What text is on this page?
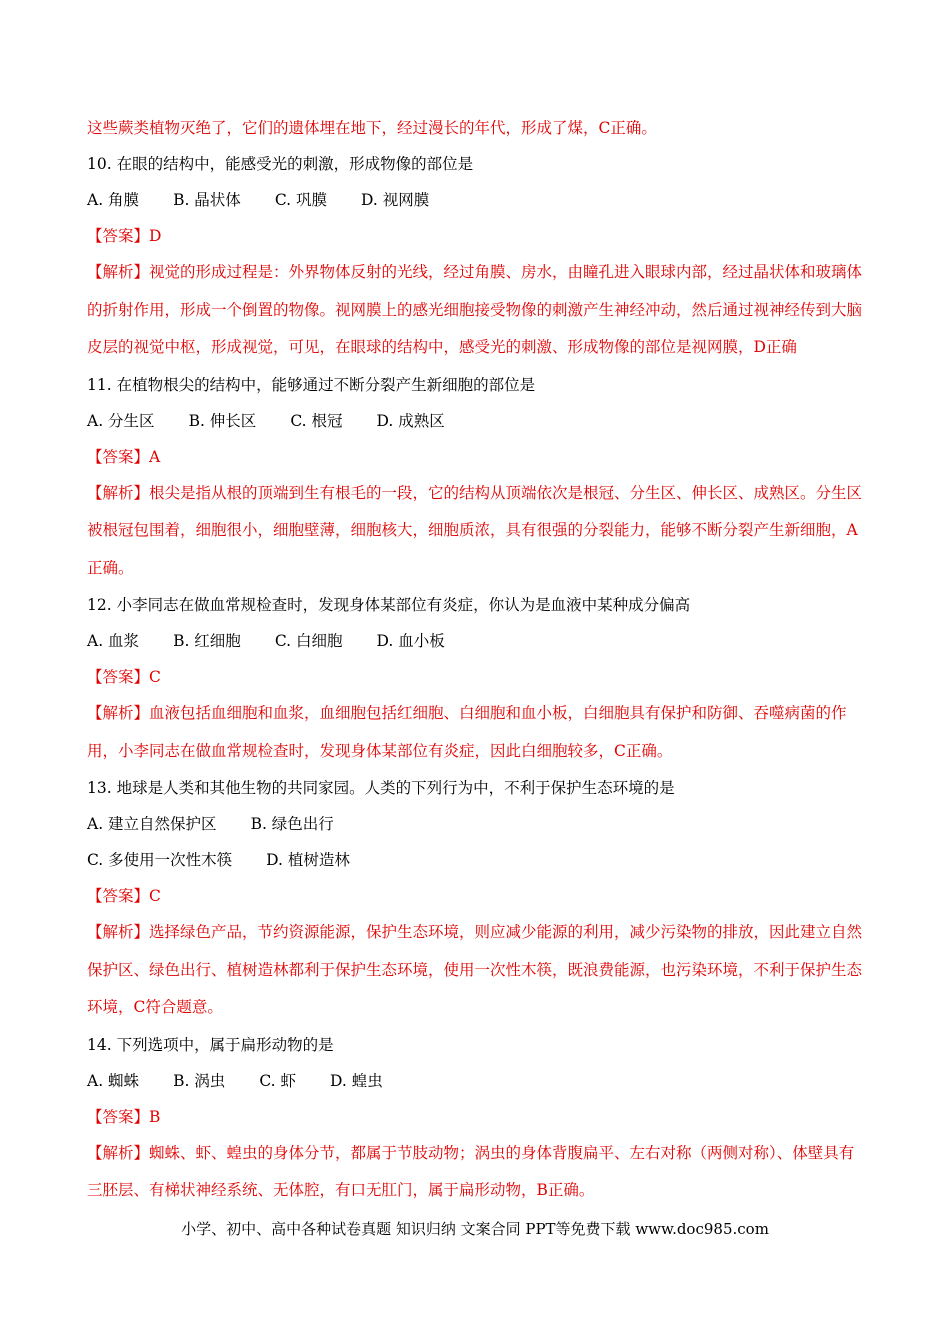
这些蕨类植物灭绝了，它们的遗体埋在地下，经过漫长的年代，形成了煤，C正确。
10. 在眼的结构中，能感受光的刺激，形成物像的部位是
A. 角膜 B. 晶状体 C. 巩膜 D. 视网膜
【答案】D
【解析】视觉的形成过程是：外界物体反射的光线，经过角膜、房水，由瞳孔进入眼球内部，经过晶状体和玻璃体的折射作用，形成一个倒置的物像。视网膜上的感光细胞接受物像的刺激产生神经冲动，然后通过视神经传到大脑皮层的视觉中枢，形成视觉，可见，在眼球的结构中，感受光的刺激、形成物像的部位是视网膜，D正确
11. 在植物根尖的结构中，能够通过不断分裂产生新细胞的部位是
A. 分生区 B. 伸长区 C. 根冠 D. 成熟区
【答案】A
【解析】根尖是指从根的顶端到生有根毛的一段，它的结构从顶端依次是根冠、分生区、伸长区、成熟区。分生区被根冠包围着，细胞很小，细胞壁薄，细胞核大，细胞质浓，具有很强的分裂能力，能够不断分裂产生新细胞，A正确。
12. 小李同志在做血常规检查时，发现身体某部位有炎症，你认为是血液中某种成分偏高
A. 血浆 B. 红细胞 C. 白细胞 D. 血小板
【答案】C
【解析】血液包括血细胞和血浆，血细胞包括红细胞、白细胞和血小板，白细胞具有保护和防御、吞噬病菌的作用，小李同志在做血常规检查时，发现身体某部位有炎症，因此白细胞较多，C正确。
13. 地球是人类和其他生物的共同家园。人类的下列行为中，不利于保护生态环境的是
A. 建立自然保护区 B. 绿色出行
C. 多使用一次性木筷 D. 植树造林
【答案】C
【解析】选择绿色产品，节约资源能源，保护生态环境，则应减少能源的利用，减少污染物的排放，因此建立自然保护区、绿色出行、植树造林都利于保护生态环境，使用一次性木筷，既浪费能源，也污染环境，不利于保护生态环境，C符合题意。
14. 下列选项中，属于扁形动物的是
A. 蜘蛛 B. 涡虫 C. 虾 D. 蝗虫
【答案】B
【解析】蜘蛛、虾、蝗虫的身体分节，都属于节肢动物；涡虫的身体背腹扁平、左右对称（两侧对称）、体壁具有三胚层、有梯状神经系统、无体腔，有口无肛门，属于扁形动物，B正确。
小学、初中、高中各种试卷真题 知识归纳 文案合同 PPT等免费下载 www.doc985.com
